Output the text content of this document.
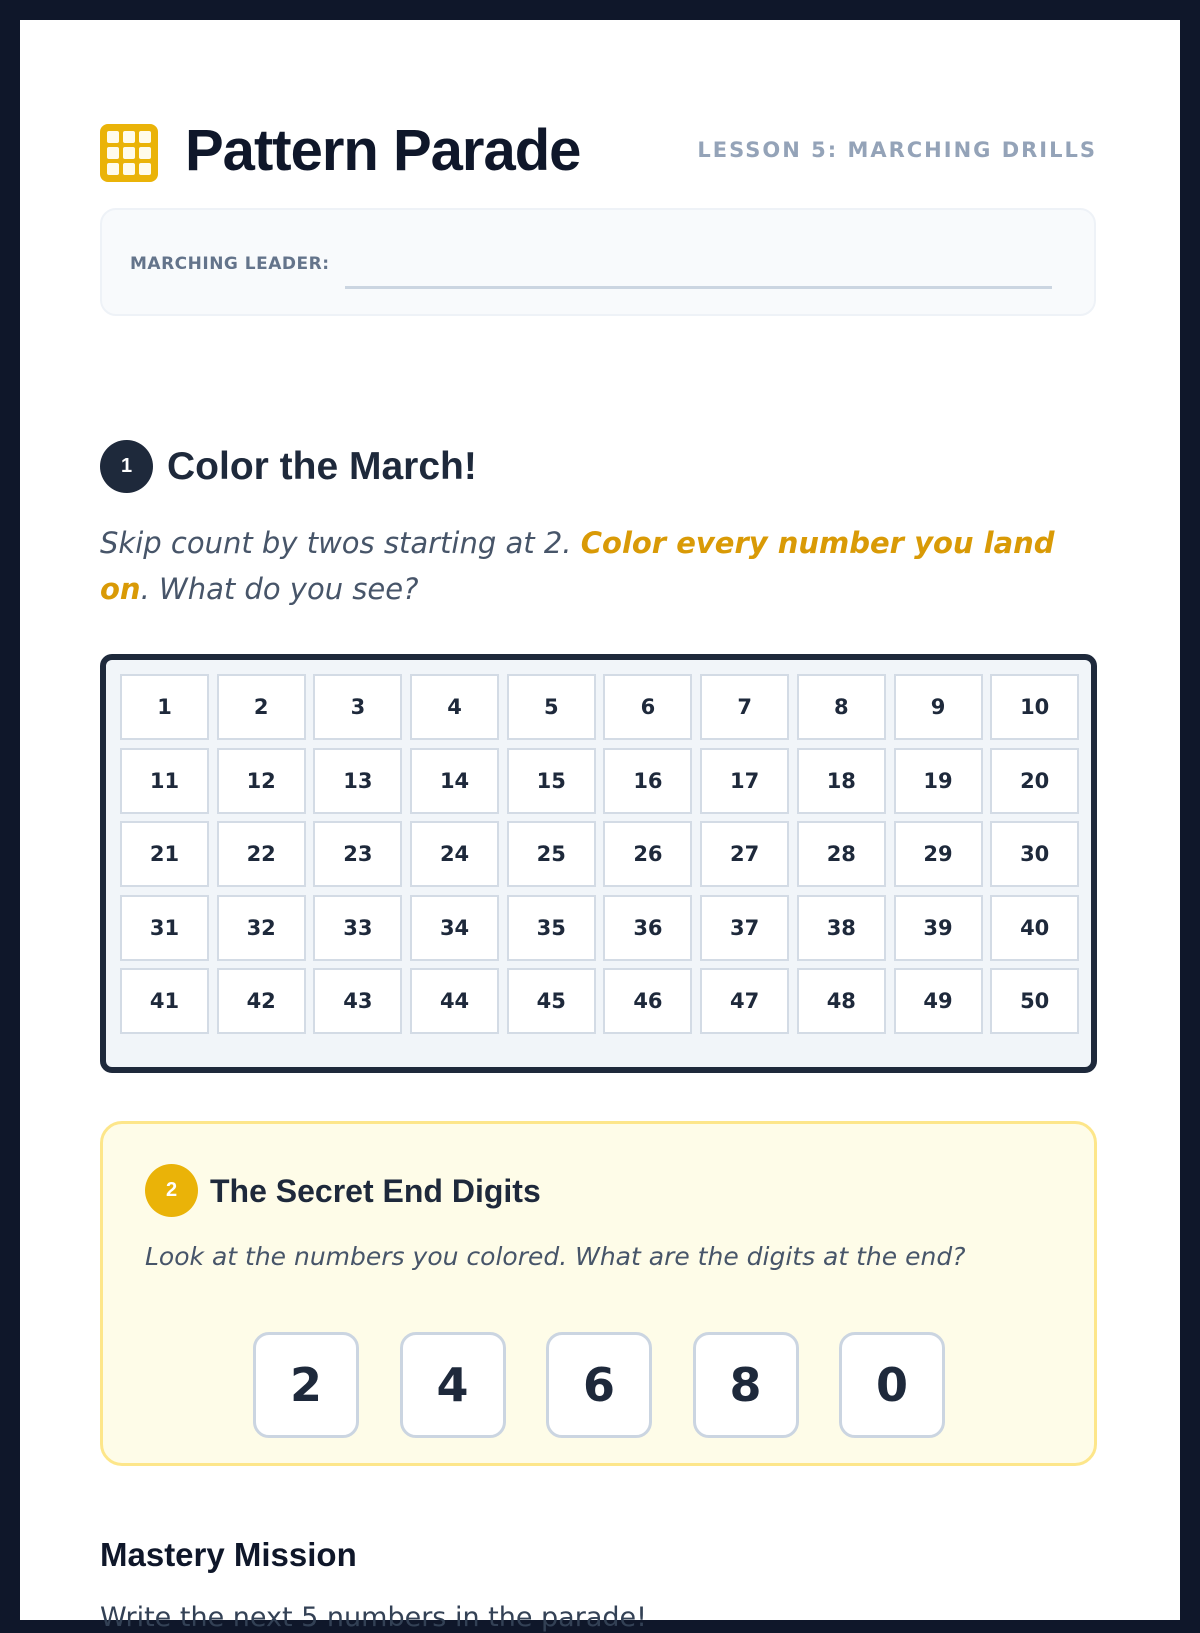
Pattern Parade	LESSON 5: MARCHING DRILLS
MARCHING LEADER:
1 Color the March!
Skip count by twos starting at 2. Color every number you land on. What do you see?
1	2	3	4	5	6	7	8	9	10
11	12	13	14	15	16	17	18	19	20
21	22	23	24	25	26	27	28	29	30
31	32	33	34	35	36	37	38	39	40
41	42	43	44	45	46	47	48	49	50
2	The Secret End Digits
Look at the numbers you colored. What are the digits at the end?
2	4	6	8	0
Mastery Mission
Write the next 5 numbers in the parade!
